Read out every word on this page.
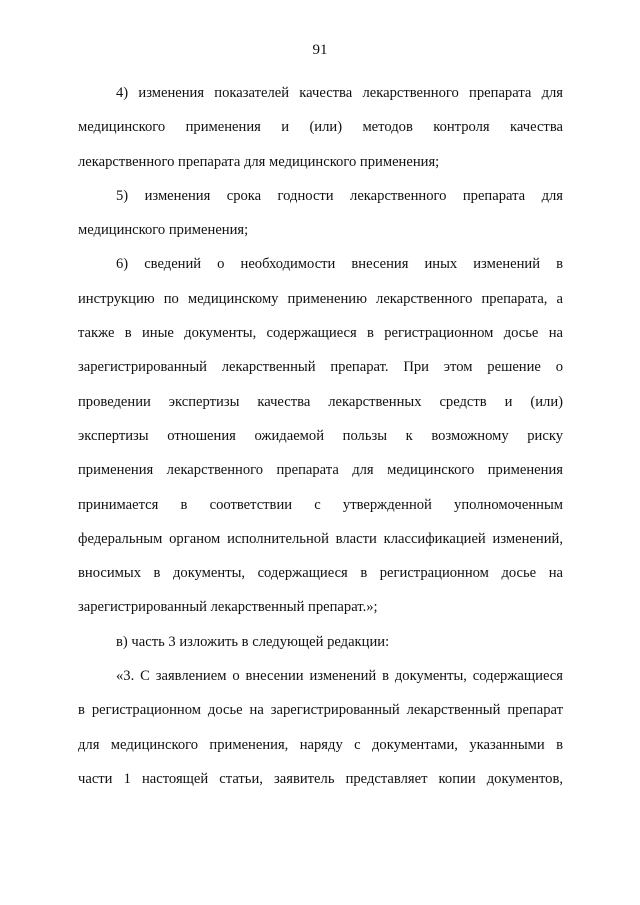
91
4) изменения показателей качества лекарственного препарата для
медицинского применения и (или) методов контроля качества
лекарственного препарата для медицинского применения;
5) изменения срока годности лекарственного препарата для
медицинского применения;
6) сведений о необходимости внесения иных изменений в
инструкцию по медицинскому применению лекарственного препарата, а
также в иные документы, содержащиеся в регистрационном досье на
зарегистрированный лекарственный препарат. При этом решение о
проведении экспертизы качества лекарственных средств и (или)
экспертизы отношения ожидаемой пользы к возможному риску
применения лекарственного препарата для медицинского применения
принимается в соответствии с утвержденной уполномоченным
федеральным органом исполнительной власти классификацией изменений,
вносимых в документы, содержащиеся в регистрационном досье на
зарегистрированный лекарственный препарат.»;
в) часть 3 изложить в следующей редакции:
«3. С заявлением о внесении изменений в документы, содержащиеся
в регистрационном досье на зарегистрированный лекарственный препарат
для медицинского применения, наряду с документами, указанными в
части 1 настоящей статьи, заявитель представляет копии документов,
